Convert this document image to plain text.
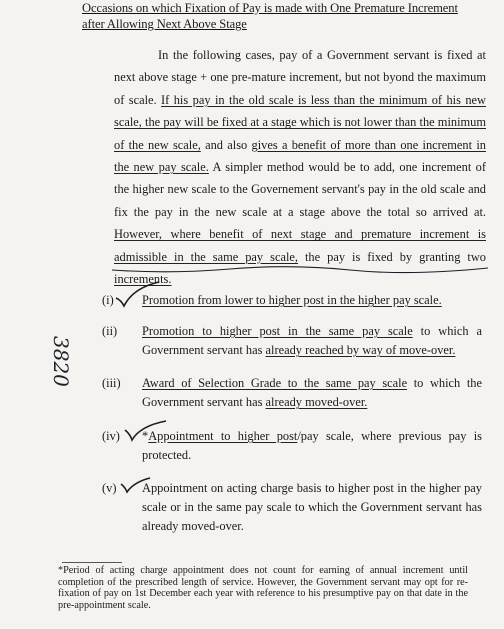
Occasions on which Fixation of Pay is made with One Premature Increment
after Allowing Next Above Stage
In the following cases, pay of a Government servant is fixed at next above stage + one pre-mature increment, but not byond the maximum of scale. If his pay in the old scale is less than the minimum of his new scale, the pay will be fixed at a stage which is not lower than the minimum of the new scale, and also gives a benefit of more than one increment in the new pay scale. A simpler method would be to add, one increment of the higher new scale to the Governement servant's pay in the old scale and fix the pay in the new scale at a stage above the total so arrived at. However, where benefit of next stage and premature increment is admissible in the same pay scale, the pay is fixed by granting two increments.
(i)	Promotion from lower to higher post in the higher pay scale.
(ii)	Promotion to higher post in the same pay scale to which a Government servant has already reached by way of move-over.
(iii)	Award of Selection Grade to the same pay scale to which the Government servant has already moved-over.
(iv)	*Appointment to higher post/pay scale, where previous pay is protected.
(v)	Appointment on acting charge basis to higher post in the higher pay scale or in the same pay scale to which the Government servant has already moved-over.
*Period of acting charge appointment does not count for earning of annual increment until completion of the prescribed length of service. However, the Government servant may opt for re-fixation of pay on 1st December each year with reference to his presumptive pay on that date in the pre-appointment scale.
3820
